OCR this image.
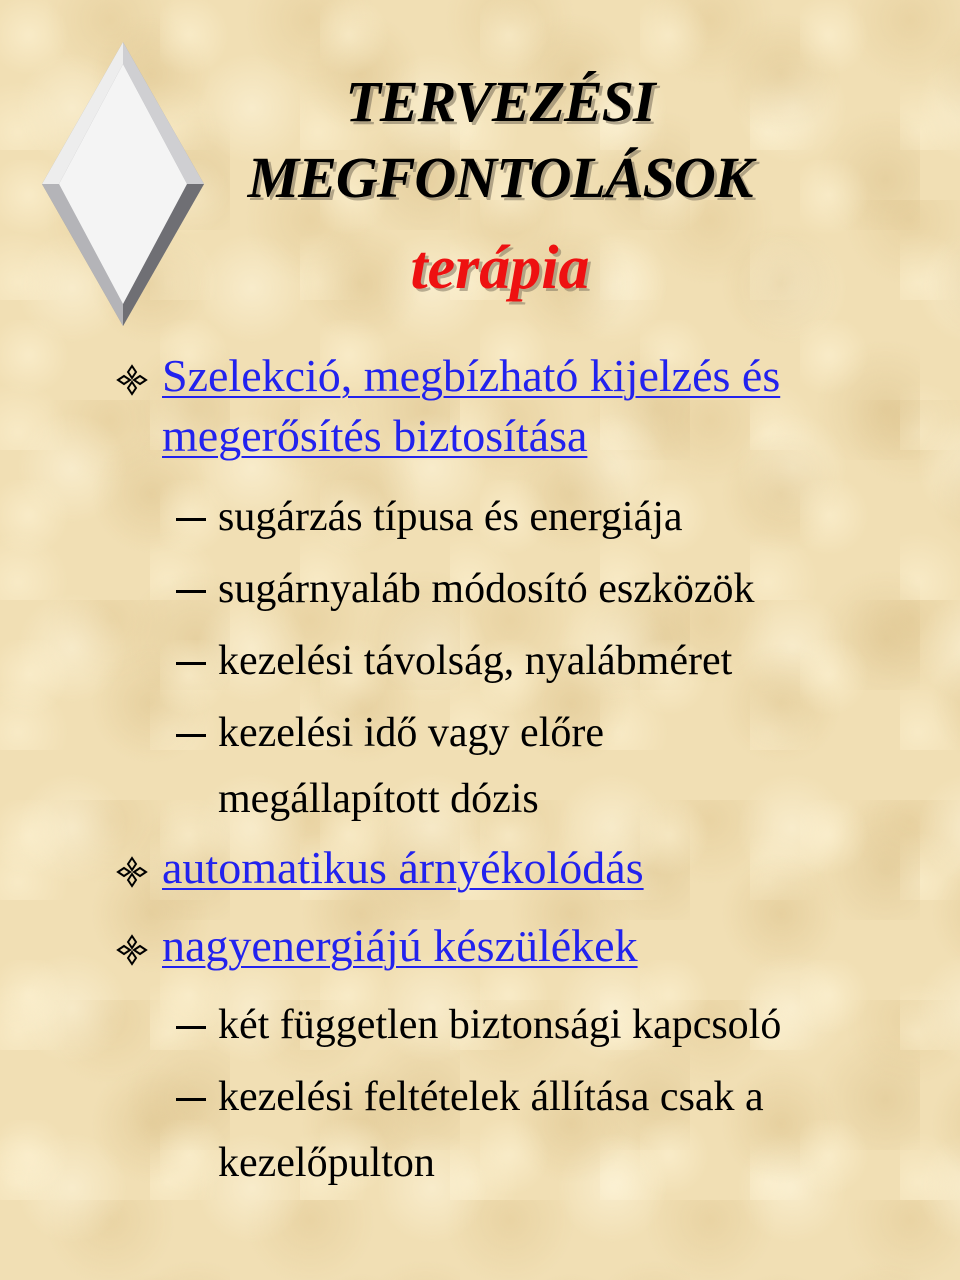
TERVEZÉSI
MEGFONTOLÁSOK
terápia
Szelekció, megbízható kijelzés és megerősítés biztosítása
sugárzás típusa és energiája
sugárnyaláb módosító eszközök
kezelési távolság, nyalábméret
kezelési idő vagy előre megállapított dózis
automatikus árnyékolódás
nagyenergiájú készülékek
két független biztonsági kapcsoló
kezelési feltételek állítása csak a kezelőpulton
